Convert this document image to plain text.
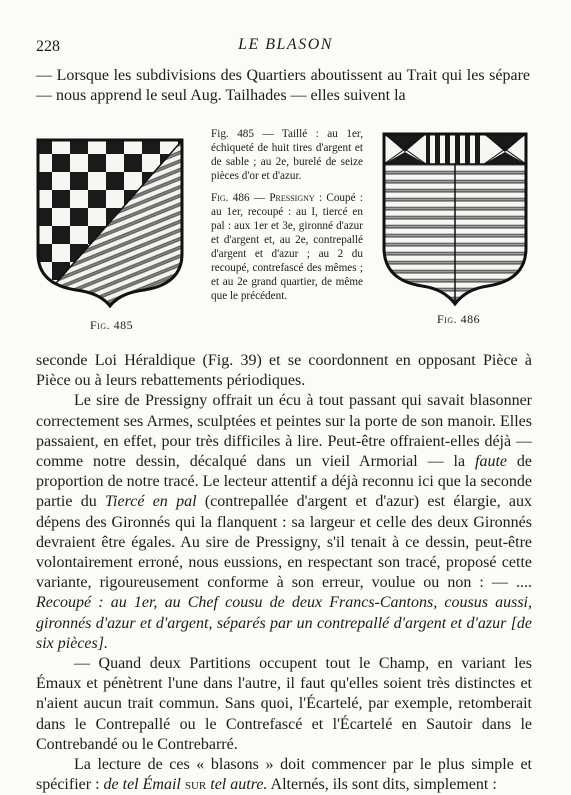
228	LE BLASON
— Lorsque les subdivisions des Quartiers aboutissent au Trait qui les sépare — nous apprend le seul Aug. Tailhades — elles suivent la
Fig. 485

Fig. 485 — Taillé : au 1er, échiqueté de huit tires d'argent et de sable ; au 2e, burelé de seize pièces d'or et d'azur.

Fig. 486 — Pressigny : Coupé : au 1er, recoupé : au I, tiercé en pal : aux 1er et 3e, gironné d'azur et d'argent et, au 2e, contrepallé d'argent et d'azur ; au 2 du recoupé, contrefascé des mêmes ; et au 2e grand quartier, de même que le précédent.

Fig. 486

seconde Loi Héraldique (Fig. 39) et se coordonnent en opposant Pièce à Pièce ou à leurs rebattements périodiques.

Le sire de Pressigny offrait un écu à tout passant qui savait blasonner correctement ses Armes, sculptées et peintes sur la porte de son manoir. Elles passaient, en effet, pour très difficiles à lire. Peut-être offraient-elles déjà — comme notre dessin, décalqué dans un vieil Armorial — la faute de proportion de notre tracé. Le lecteur attentif a déjà reconnu ici que la seconde partie du Tiercé en pal (contrepallée d'argent et d'azur) est élargie, aux dépens des Gironnés qui la flanquent : sa largeur et celle des deux Gironnés devraient être égales. Au sire de Pressigny, s'il tenait à ce dessin, peut-être volontairement erroné, nous eussions, en respectant son tracé, proposé cette variante, rigoureusement conforme à son erreur, voulue ou non : — .... Recoupé : au 1er, au Chef cousu de deux Francs-Cantons, cousus aussi, gironnés d'azur et d'argent, séparés par un contrepallé d'argent et d'azur [de six pièces].

— Quand deux Partitions occupent tout le Champ, en variant les Émaux et pénètrent l'une dans l'autre, il faut qu'elles soient très distinctes et n'aient aucun trait commun. Sans quoi, l'Écartelé, par exemple, retomberait dans le Contrepallé ou le Contrefascé et l'Écartelé en Sautoir dans le Contrebandé ou le Contrebarré.

La lecture de ces « blasons » doit commencer par le plus simple et spécifier : de tel Émail sur tel autre. Alternés, ils sont dits, simplement :
